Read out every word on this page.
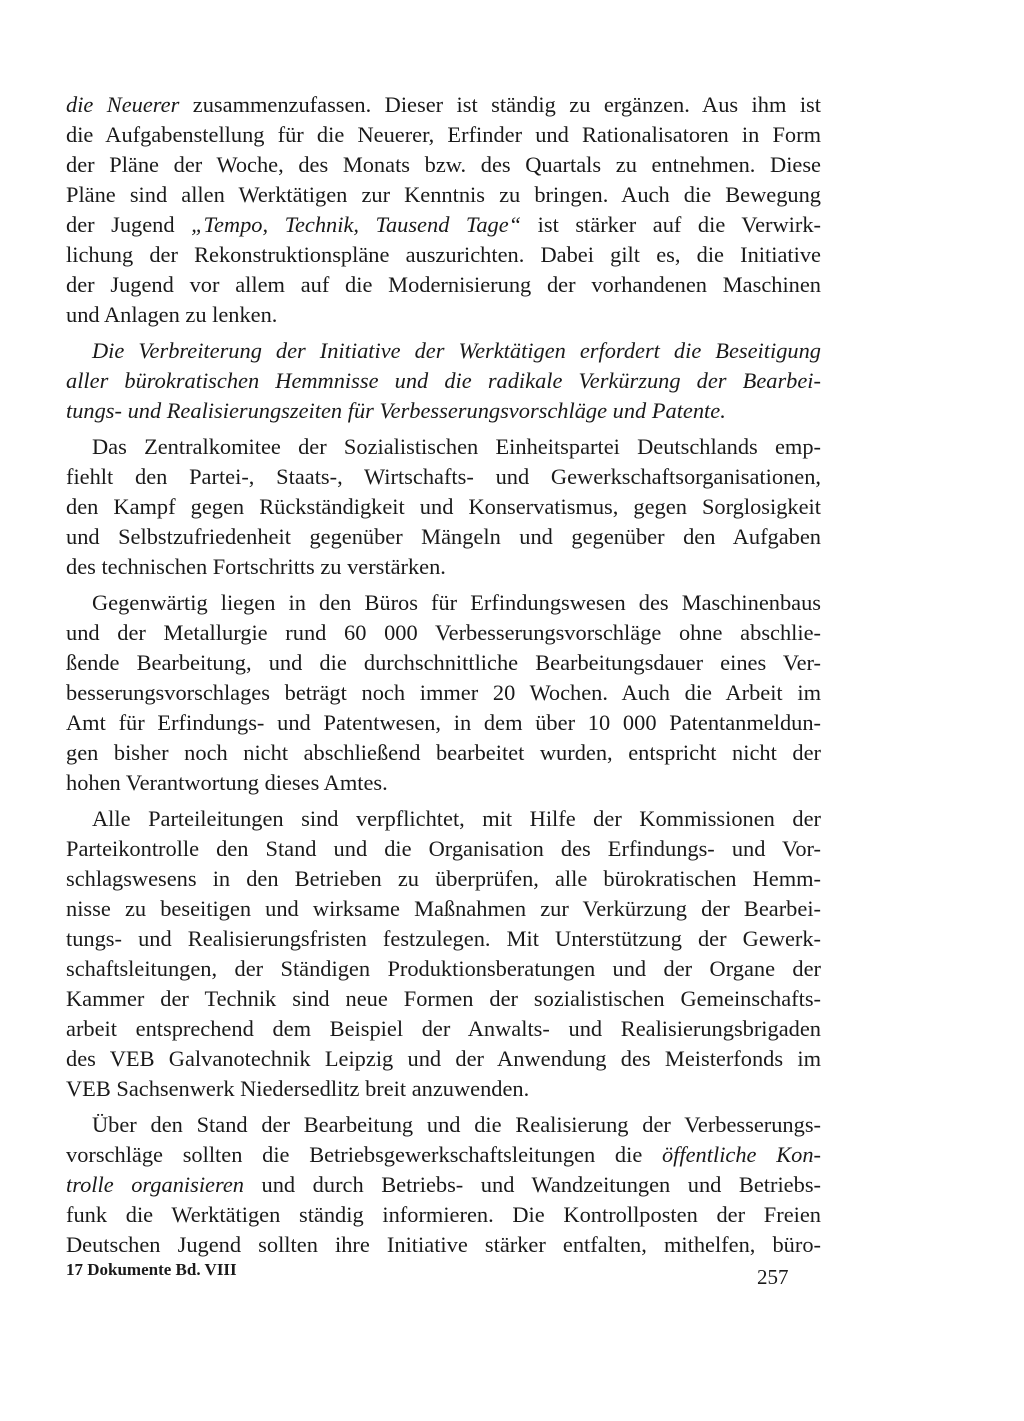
die Neuerer zusammenzufassen. Dieser ist ständig zu ergänzen. Aus ihm ist
die Aufgabenstellung für die Neuerer, Erfinder und Rationalisatoren in Form
der Pläne der Woche, des Monats bzw. des Quartals zu entnehmen. Diese
Pläne sind allen Werktätigen zur Kenntnis zu bringen. Auch die Bewegung
der Jugend „Tempo, Technik, Tausend Tage“ ist stärker auf die Verwirk-
lichung der Rekonstruktionspläne auszurichten. Dabei gilt es, die Initiative
der Jugend vor allem auf die Modernisierung der vorhandenen Maschinen
und Anlagen zu lenken.
Die Verbreiterung der Initiative der Werktätigen erfordert die Beseitigung
aller bürokratischen Hemmnisse und die radikale Verkürzung der Bearbei-
tungs- und Realisierungszeiten für Verbesserungsvorschläge und Patente.
Das Zentralkomitee der Sozialistischen Einheitspartei Deutschlands emp-
fiehlt den Partei-, Staats-, Wirtschafts- und Gewerkschaftsorganisationen,
den Kampf gegen Rückständigkeit und Konservatismus, gegen Sorglosigkeit
und Selbstzufriedenheit gegenüber Mängeln und gegenüber den Aufgaben
des technischen Fortschritts zu verstärken.
Gegenwärtig liegen in den Büros für Erfindungswesen des Maschinenbaus
und der Metallurgie rund 60 000 Verbesserungsvorschläge ohne abschlie-
ßende Bearbeitung, und die durchschnittliche Bearbeitungsdauer eines Ver-
besserungsvorschlages beträgt noch immer 20 Wochen. Auch die Arbeit im
Amt für Erfindungs- und Patentwesen, in dem über 10 000 Patentanmeldun-
gen bisher noch nicht abschließend bearbeitet wurden, entspricht nicht der
hohen Verantwortung dieses Amtes.
Alle Parteileitungen sind verpflichtet, mit Hilfe der Kommissionen der
Parteikontrolle den Stand und die Organisation des Erfindungs- und Vor-
schlagswesens in den Betrieben zu überprüfen, alle bürokratischen Hemm-
nisse zu beseitigen und wirksame Maßnahmen zur Verkürzung der Bearbei-
tungs- und Realisierungsfristen festzulegen. Mit Unterstützung der Gewerk-
schaftsleitungen, der Ständigen Produktionsberatungen und der Organe der
Kammer der Technik sind neue Formen der sozialistischen Gemeinschafts-
arbeit entsprechend dem Beispiel der Anwalts- und Realisierungsbrigaden
des VEB Galvanotechnik Leipzig und der Anwendung des Meisterfonds im
VEB Sachsenwerk Niedersedlitz breit anzuwenden.
Über den Stand der Bearbeitung und die Realisierung der Verbesserungs-
vorschläge sollten die Betriebsgewerkschaftsleitungen die öffentliche Kon-
trolle organisieren und durch Betriebs- und Wandzeitungen und Betriebs-
funk die Werktätigen ständig informieren. Die Kontrollposten der Freien
Deutschen Jugend sollten ihre Initiative stärker entfalten, mithelfen, büro-
17 Dokumente Bd. VIII	257
